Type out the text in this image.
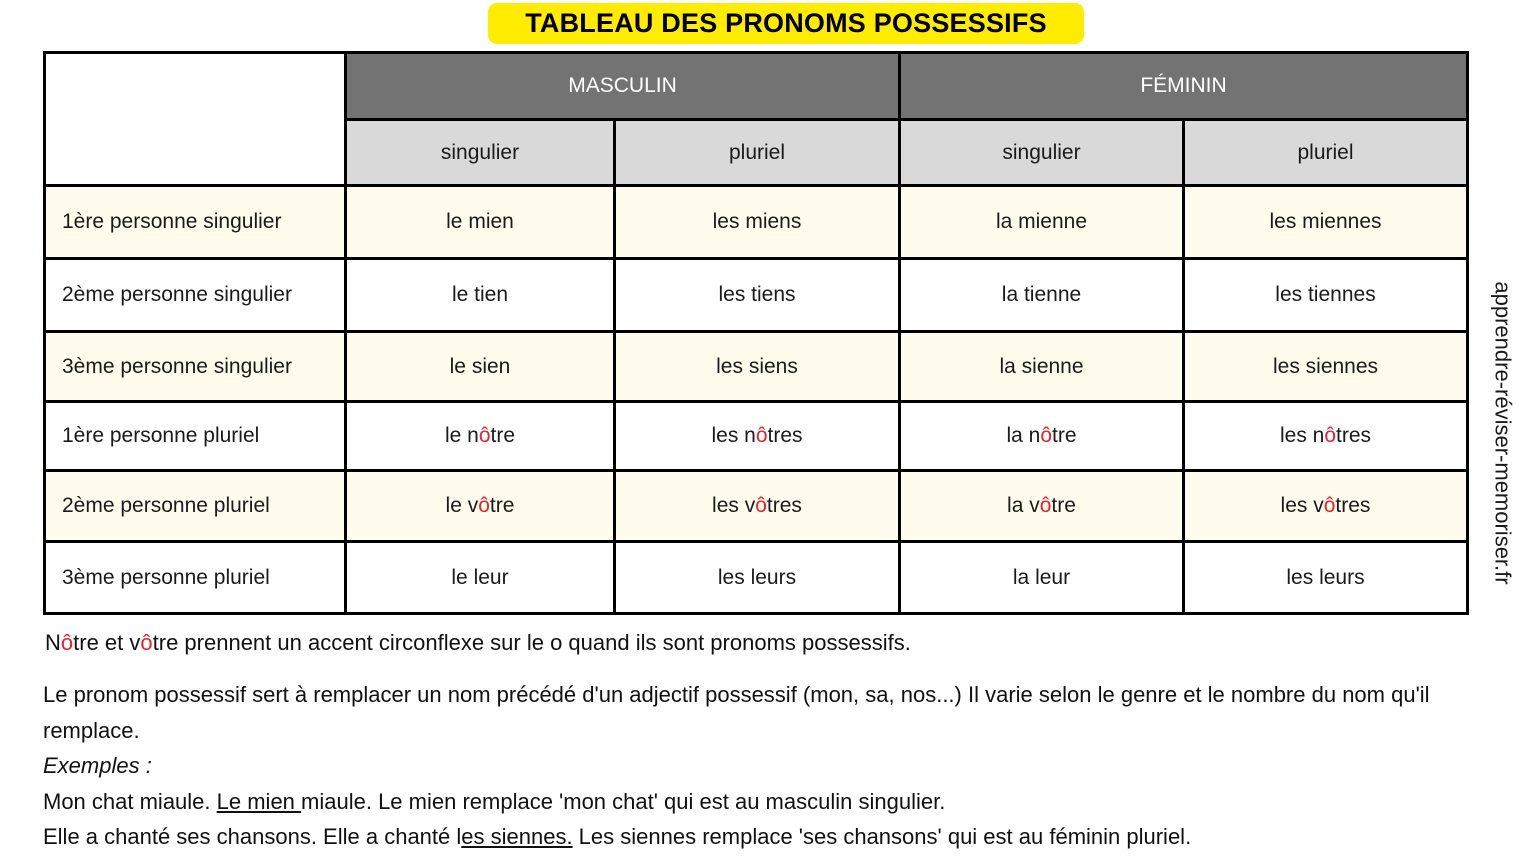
TABLEAU DES PRONOMS POSSESSIFS
	MASCULIN		FÉMININ	
	singulier	pluriel	singulier	pluriel
1ère personne singulier	le mien	les miens	la mienne	les miennes
2ème personne singulier	le tien	les tiens	la tienne	les tiennes
3ème personne singulier	le sien	les siens	la sienne	les siennes
1ère personne pluriel	le nôtre	les nôtres	la nôtre	les nôtres
2ème personne pluriel	le vôtre	les vôtres	la vôtre	les vôtres
3ème personne pluriel	le leur	les leurs	la leur	les leurs	apprendre-réviser-memoriser.fr
Nôtre et vôtre prennent un accent circonflexe sur le o quand ils sont pronoms possessifs.

Le pronom possessif sert à remplacer un nom précédé d'un adjectif possessif (mon, sa, nos...) Il varie selon le genre et le nombre du nom qu'il remplace.

Exemples :

Mon chat miaule. Le mien miaule. Le mien remplace 'mon chat' qui est au masculin singulier.

Elle a chanté ses chansons. Elle a chanté les siennes. Les siennes remplace 'ses chansons' qui est au féminin pluriel.
